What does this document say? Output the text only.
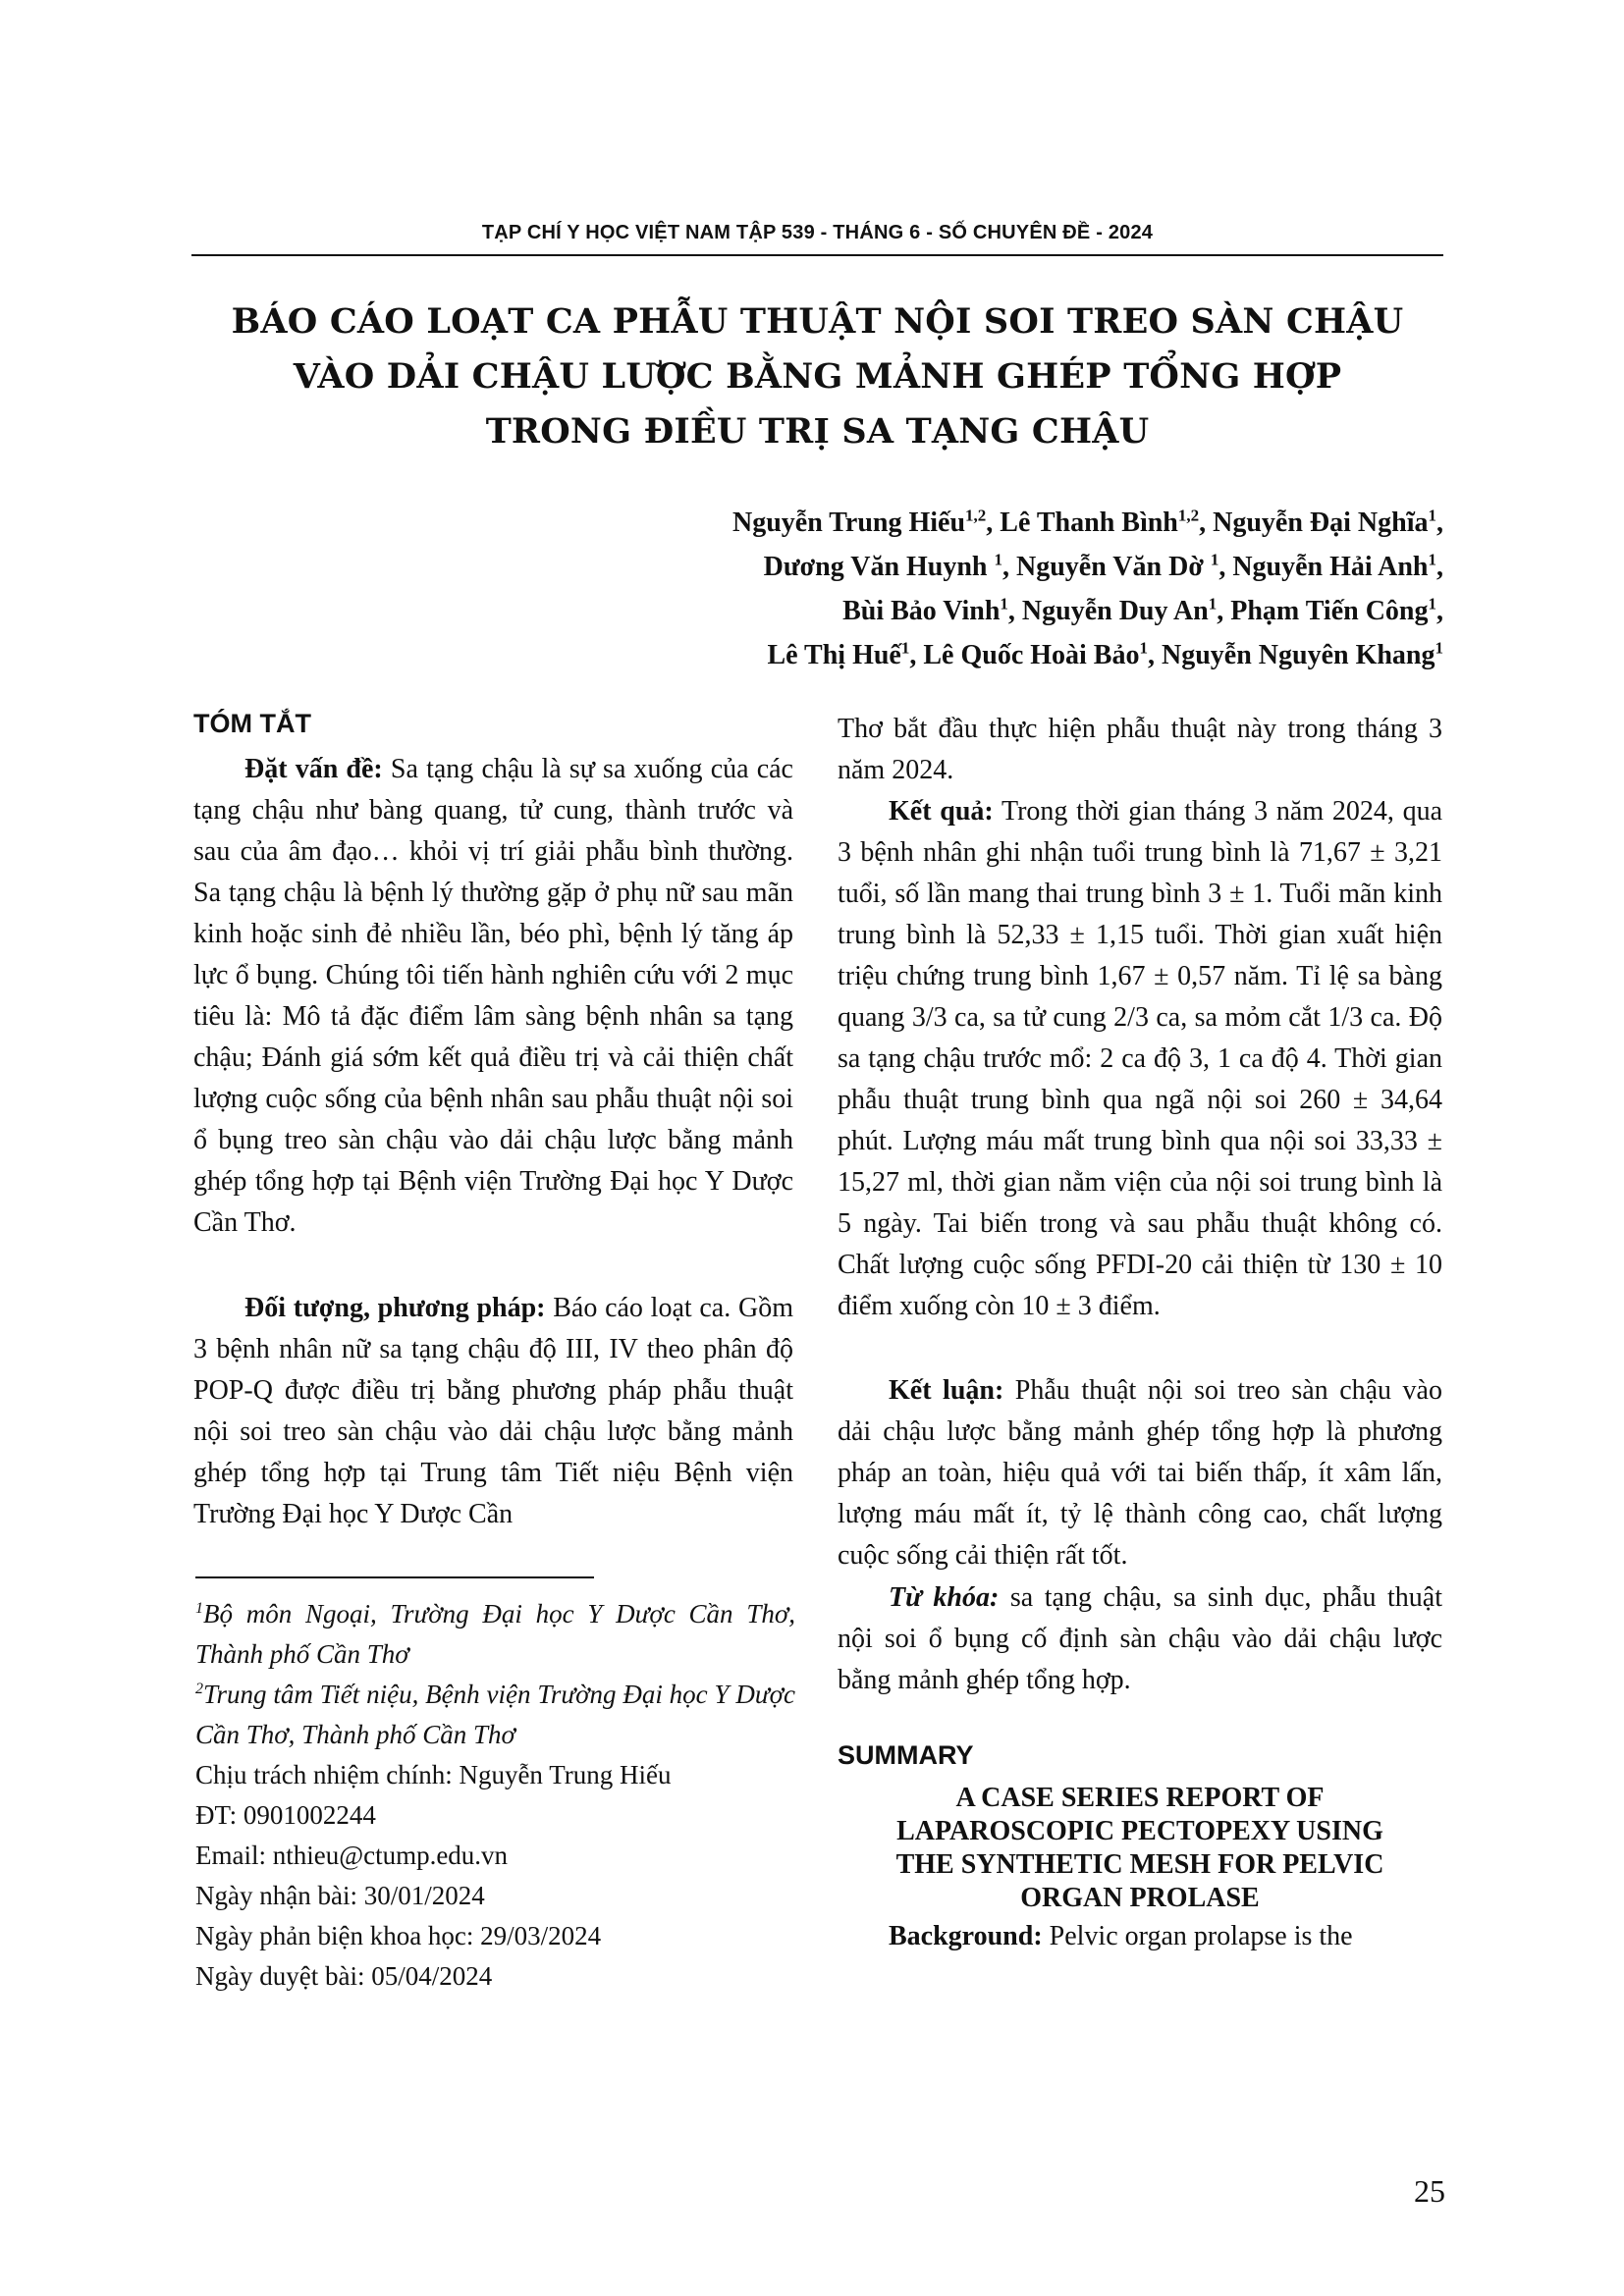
TẠP CHÍ Y HỌC VIỆT NAM TẬP 539 - THÁNG 6 - SỐ CHUYÊN ĐỀ - 2024
BÁO CÁO LOẠT CA PHẪU THUẬT NỘI SOI TREO SÀN CHẬU
VÀO DẢI CHẬU LƯỢC BẰNG MẢNH GHÉP TỔNG HỢP
TRONG ĐIỀU TRỊ SA TẠNG CHẬU
Nguyễn Trung Hiếu$^{1,2}$, Lê Thanh Bình$^{1,2}$, Nguyễn Đại Nghĩa$^1$,
Dương Văn Huynh $^1$, Nguyễn Văn Dờ $^1$, Nguyễn Hải Anh$^1$,
Bùi Bảo Vinh$^1$, Nguyễn Duy An$^1$, Phạm Tiến Công$^1$,
Lê Thị Huế$^1$, Lê Quốc Hoài Bảo$^1$, Nguyễn Nguyên Khang$^1$
TÓM TẮT
Đặt vấn đề: Sa tạng chậu là sự sa xuống của các tạng chậu như bàng quang, tử cung, thành trước và sau của âm đạo… khỏi vị trí giải phẫu bình thường. Sa tạng chậu là bệnh lý thường gặp ở phụ nữ sau mãn kinh hoặc sinh đẻ nhiều lần, béo phì, bệnh lý tăng áp lực ổ bụng. Chúng tôi tiến hành nghiên cứu với 2 mục tiêu là: Mô tả đặc điểm lâm sàng bệnh nhân sa tạng chậu; Đánh giá sớm kết quả điều trị và cải thiện chất lượng cuộc sống của bệnh nhân sau phẫu thuật nội soi ổ bụng treo sàn chậu vào dải chậu lược bằng mảnh ghép tổng hợp tại Bệnh viện Trường Đại học Y Dược Cần Thơ.
Đối tượng, phương pháp: Báo cáo loạt ca. Gồm 3 bệnh nhân nữ sa tạng chậu độ III, IV theo phân độ POP-Q được điều trị bằng phương pháp phẫu thuật nội soi treo sàn chậu vào dải chậu lược bằng mảnh ghép tổng hợp tại Trung tâm Tiết niệu Bệnh viện Trường Đại học Y Dược Cần
$^1$Bộ môn Ngoại, Trường Đại học Y Dược Cần Thơ, Thành phố Cần Thơ
$^2$Trung tâm Tiết niệu, Bệnh viện Trường Đại học Y Dược Cần Thơ, Thành phố Cần Thơ
Chịu trách nhiệm chính: Nguyễn Trung Hiếu
ĐT: 0901002244
Email: nthieu@ctump.edu.vn
Ngày nhận bài: 30/01/2024
Ngày phản biện khoa học: 29/03/2024
Ngày duyệt bài: 05/04/2024
Thơ bắt đầu thực hiện phẫu thuật này trong tháng 3 năm 2024.
Kết quả: Trong thời gian tháng 3 năm 2024, qua 3 bệnh nhân ghi nhận tuổi trung bình là 71,67 ± 3,21 tuổi, số lần mang thai trung bình 3 ± 1. Tuổi mãn kinh trung bình là 52,33 ± 1,15 tuổi. Thời gian xuất hiện triệu chứng trung bình 1,67 ± 0,57 năm. Tỉ lệ sa bàng quang 3/3 ca, sa tử cung 2/3 ca, sa mỏm cắt 1/3 ca. Độ sa tạng chậu trước mổ: 2 ca độ 3, 1 ca độ 4. Thời gian phẫu thuật trung bình qua ngã nội soi 260 ± 34,64 phút. Lượng máu mất trung bình qua nội soi 33,33 ± 15,27 ml, thời gian nằm viện của nội soi trung bình là 5 ngày. Tai biến trong và sau phẫu thuật không có. Chất lượng cuộc sống PFDI-20 cải thiện từ 130 ± 10 điểm xuống còn 10 ± 3 điểm.
Kết luận: Phẫu thuật nội soi treo sàn chậu vào dải chậu lược bằng mảnh ghép tổng hợp là phương pháp an toàn, hiệu quả với tai biến thấp, ít xâm lấn, lượng máu mất ít, tỷ lệ thành công cao, chất lượng cuộc sống cải thiện rất tốt.
Từ khóa: sa tạng chậu, sa sinh dục, phẫu thuật nội soi ổ bụng cố định sàn chậu vào dải chậu lược bằng mảnh ghép tổng hợp.
SUMMARY
A CASE SERIES REPORT OF
LAPAROSCOPIC PECTOPEXY USING
THE SYNTHETIC MESH FOR PELVIC
ORGAN PROLASE
Background: Pelvic organ prolapse is the
25
